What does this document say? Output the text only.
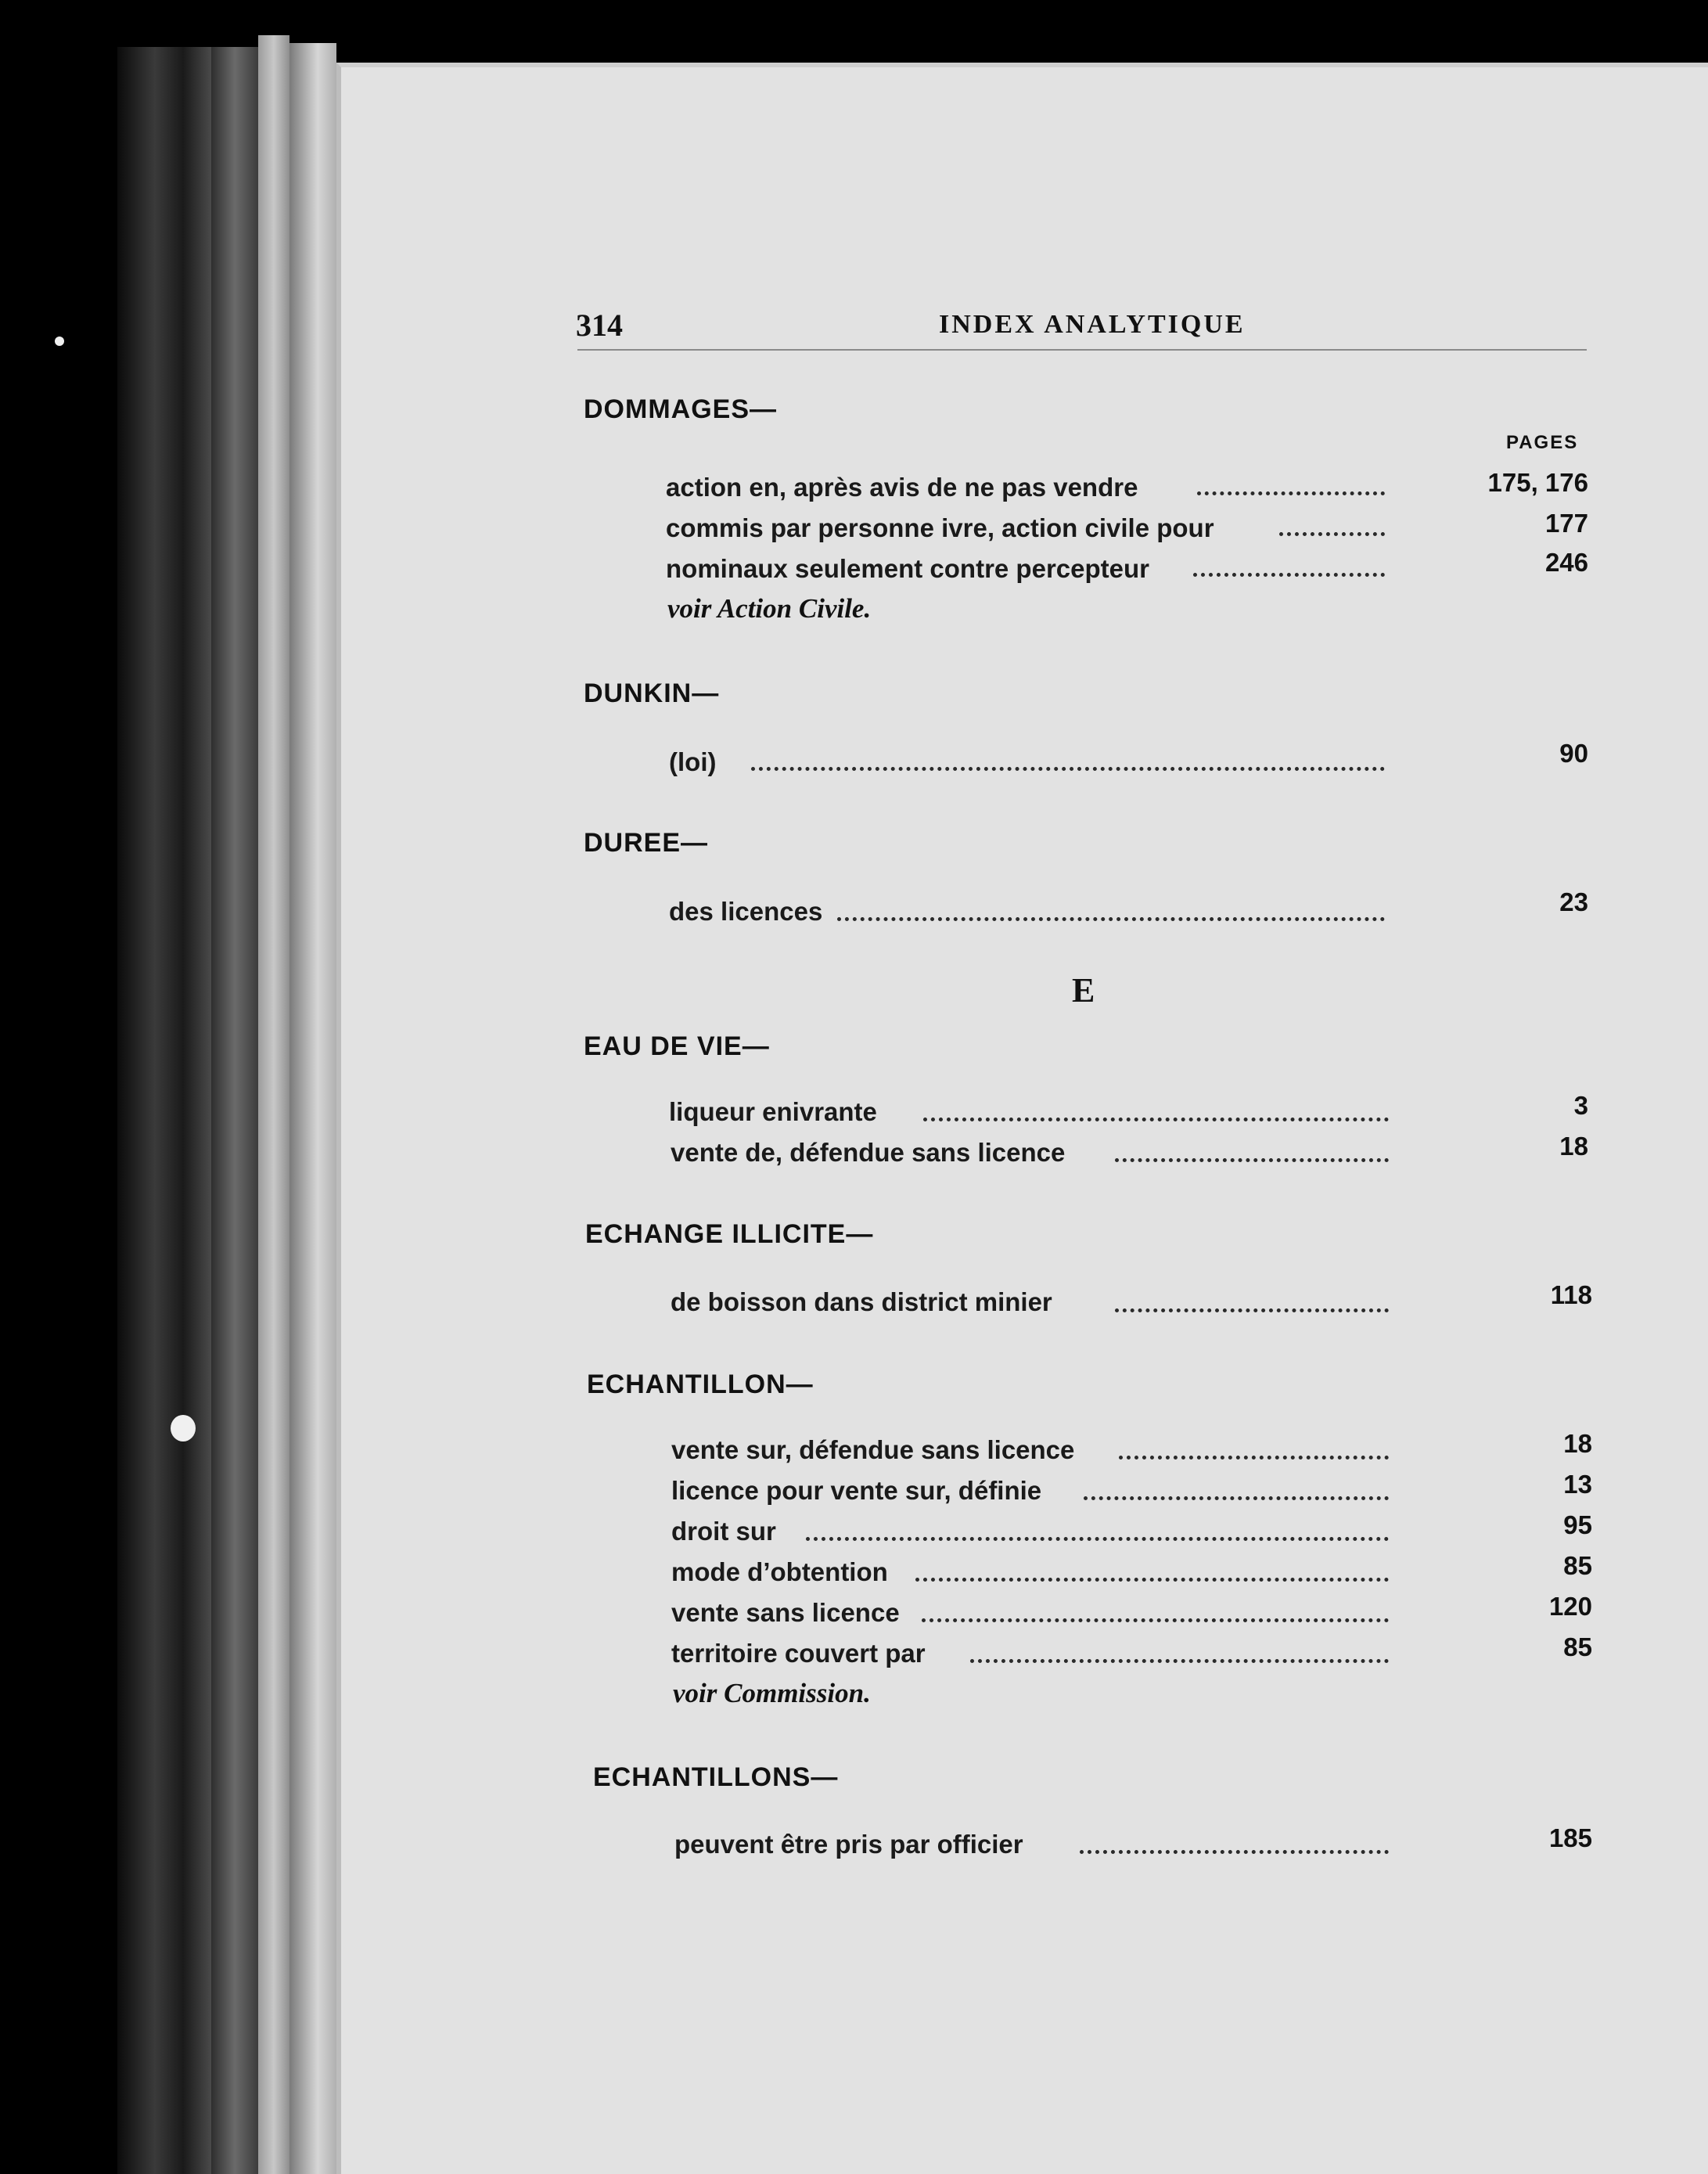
314	INDEX ANALYTIQUE
DOMMAGES—
PAGES
action en, après avis de ne pas vendre	175, 176
commis par personne ivre, action civile pour	177
nominaux seulement contre percepteur	246
voir Action Civile.
DUNKIN—
(loi)	90
DUREE—
des licences	23
E
EAU DE VIE—
liqueur enivrante	3
vente de, défendue sans licence	18
ECHANGE ILLICITE—
de boisson dans district minier	118
ECHANTILLON—
vente sur, défendue sans licence	18
licence pour vente sur, définie	13
droit sur	95
mode d’obtention	85
vente sans licence	120
territoire couvert par	85
voir Commission.
ECHANTILLONS—
peuvent être pris par officier	185
